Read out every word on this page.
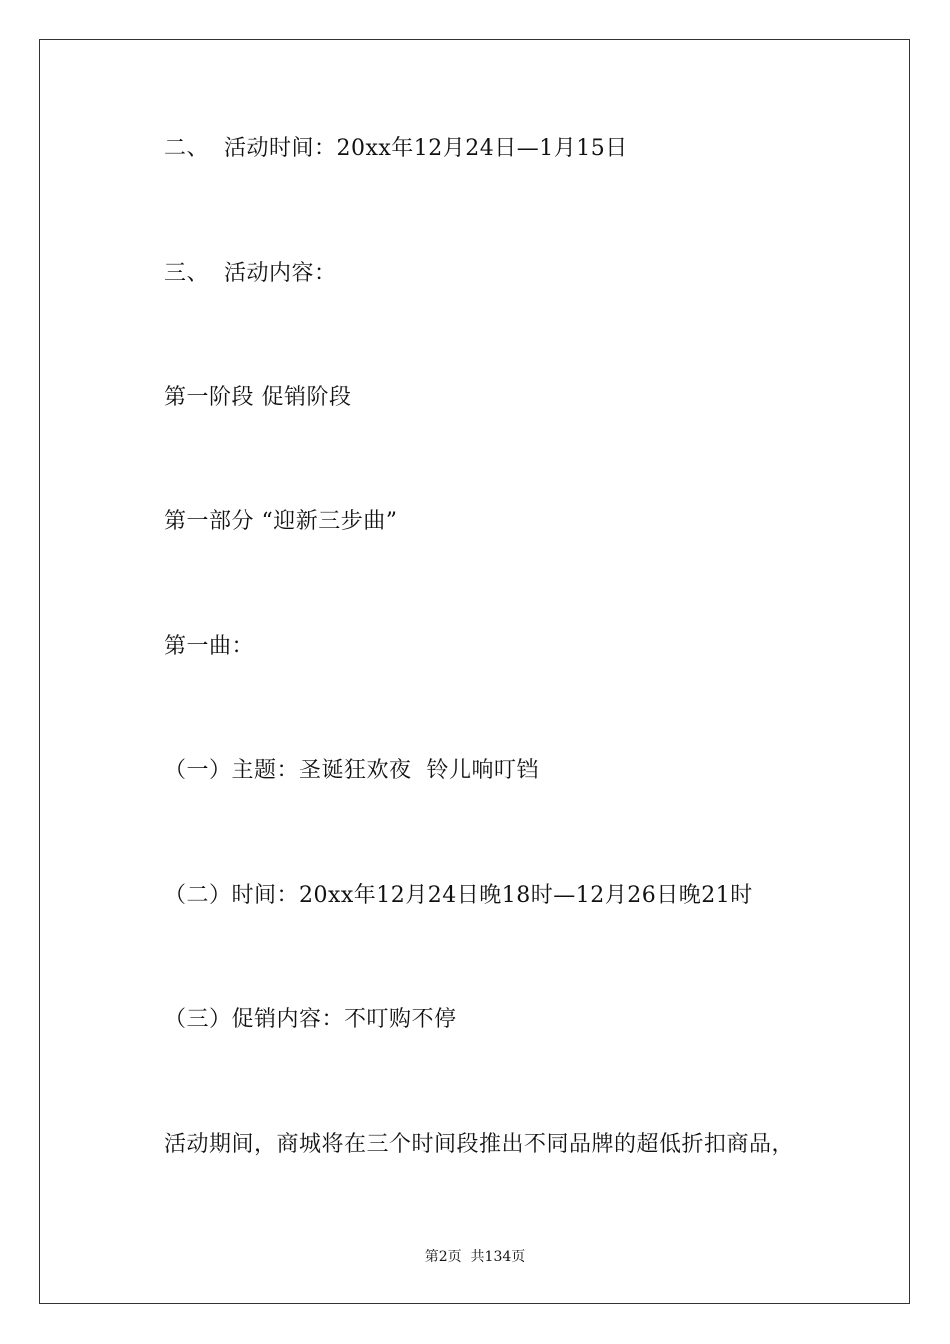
二、  活动时间：20xx年12月24日—1月15日
三、  活动内容：
第一阶段 促销阶段
第一部分 “迎新三步曲”
第一曲：
（一）主题：圣诞狂欢夜  铃儿响叮铛
（二）时间：20xx年12月24日晚18时—12月26日晚21时
（三）促销内容：不叮购不停
活动期间，商城将在三个时间段推出不同品牌的超低折扣商品，
第2页  共134页
